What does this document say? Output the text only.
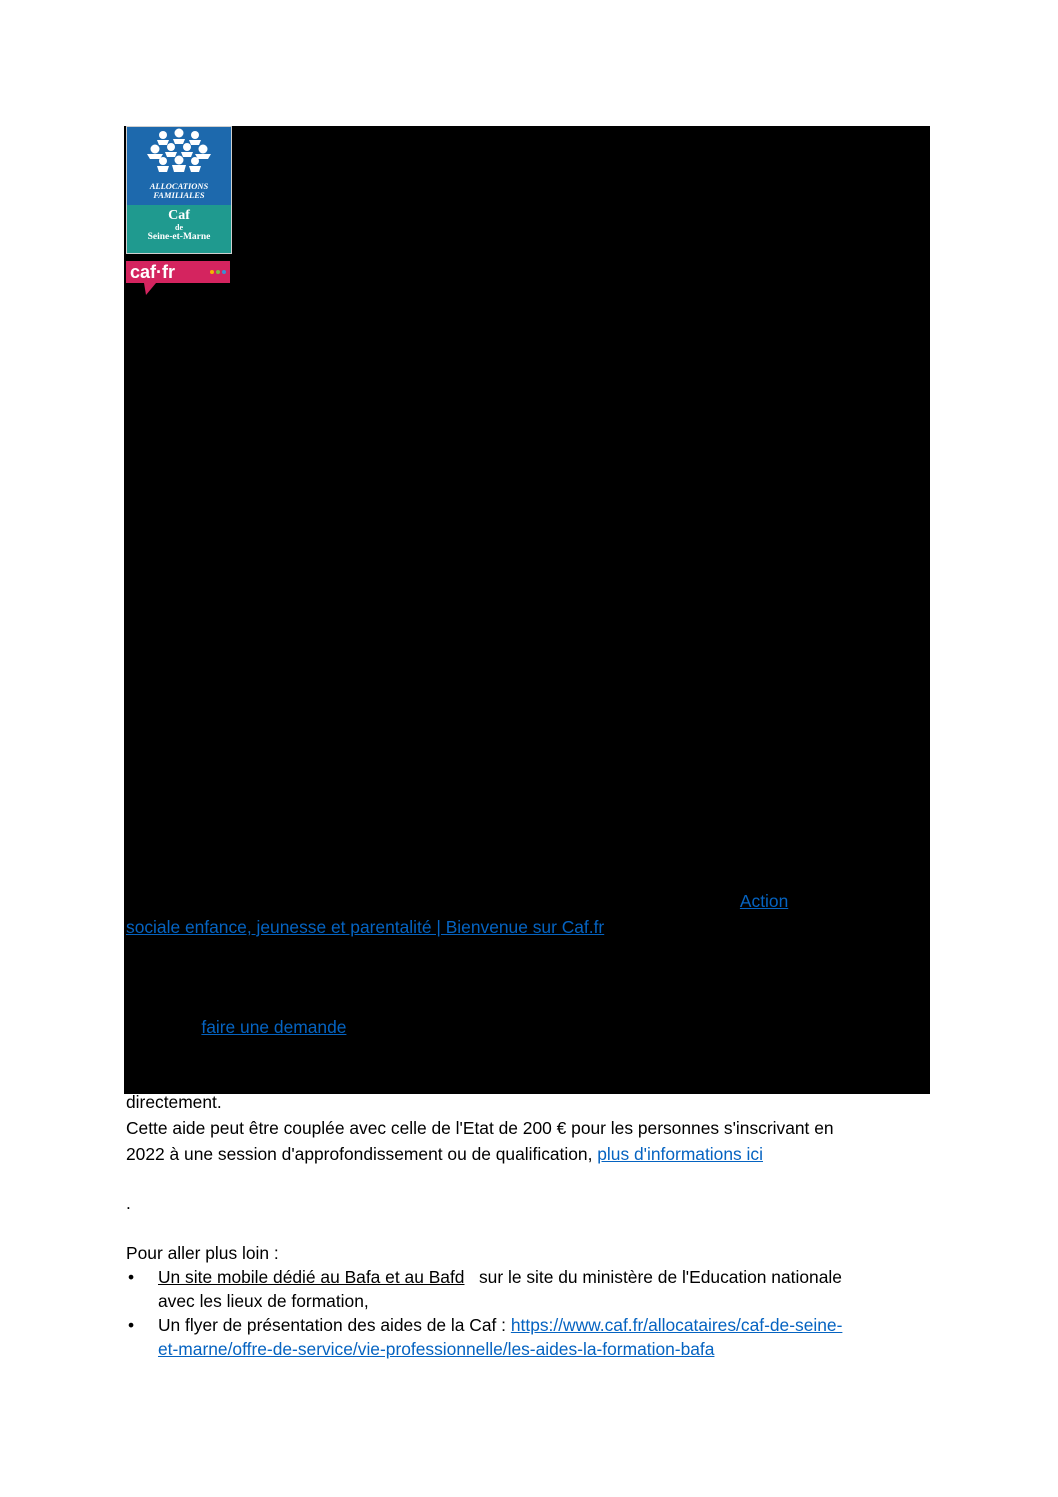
ALLOCATIONS
FAMILIALES
Caf
de
Seine-et-Marne
caf·fr

Le Bafa est un diplôme, non professionnel, permettant d'encadrer enfants et adolescents

dans des centres de vacances, de loisirs sans hébergement, des maisons des jeunes et de

la culture (Mjc) ou en colonies de vacances et d'être rémunéré.

Le secteur de l'animation recrute, surtout en période de vacances scolaires, et permet

d'acquérir une expérience professionnelle rapidement.

Pour travailler, il est préférable d'être titulaire du Bafa. Le jeune doit avoir au moins 17 ans et

s'inscrire sur le site dédié du ministère de la Ville, de la Jeunesse et des Sports. Les

enseignements sont payants et se déclinent en trois temps : une session de formation

générale, suivie d'un stage pratique, puis d'une session d'approfondissement ou de

qualification sur une thématique particulière (petite enfance, sport, théâtre...).

La caisse d'Allocations familiales de Seine et Marne participe au financement du 1er stage :

150 euros pour les jeunes de 17 à 25 ans. Retrouvez les conditions générales : Action

sociale enfance, jeunesse et parentalité | Bienvenue sur Caf.fr

La Caf participe également au financement du 3ème stage à hauteur de 91,47 euros. Pour

cela il faut être inscrit au stage d'approfondissement ou de qualification depuis moins de

3 mois et faire une demande. Pour y prétendre, nul besoin d'être allocataire.

Le jeune doit effectuer la formation auprès d'un organisme agréé. Si celle-ci est centrée sur

la petite enfance, ce soutien peut être majoré de 15,24 euros, somme qui lui est versée

directement.

Cette aide peut être couplée avec celle de l'Etat de 200 € pour les personnes s'inscrivant en

2022 à une session d'approfondissement ou de qualification, plus d'informations ici

.

Pour aller plus loin :

• Un site mobile dédié au Bafa et au Bafd   sur le site du ministère de l'Education nationale
avec les lieux de formation,
• Un flyer de présentation des aides de la Caf : https://www.caf.fr/allocataires/caf-de-seine-
et-marne/offre-de-service/vie-professionnelle/les-aides-la-formation-bafa
